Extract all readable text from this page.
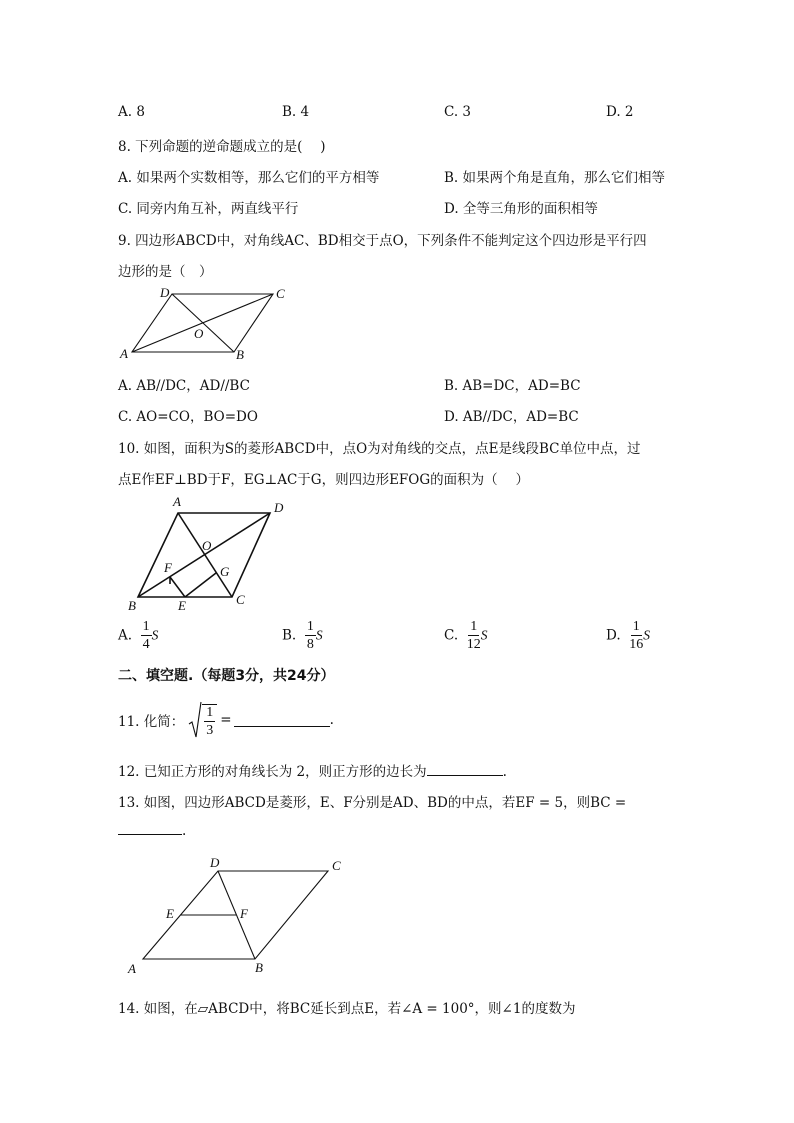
A. 8	B. 4	C. 3	D. 2
8. 下列命题的逆命题成立的是(　 )
A. 如果两个实数相等，那么它们的平方相等	B. 如果两个角是直角，那么它们相等
C. 同旁内角互补，两直线平行	D. 全等三角形的面积相等
9. 四边形ABCD中，对角线AC、BD相交于点O，下列条件不能判定这个四边形是平行四
边形的是（　）
D	C
O
A	B
A. AB//DC，AD//BC	B. AB=DC，AD=BC
C. AO=CO，BO=DO	D. AB//DC，AD=BC
10. 如图，面积为S的菱形ABCD中，点O为对角线的交点，点E是线段BC单位中点，过
点E作EF⊥BD于F，EG⊥AC于G，则四边形EFOG的面积为（　 ）
A	D
O
F	G
B	E	C
A. $\frac{1}{4}$ S	B. $\frac{1}{8}$ S	C. $\frac{1}{12}$ S	D. $\frac{1}{16}$ S
二、填空题.（每题3分，共24分）
11. 化简： $\frac{1}{3}$ =	.
12. 已知正方形的对角线长为 2，则正方形的边长为	.
13. 如图，四边形ABCD是菱形，E、F分别是AD、BD的中点，若EF = 5，则BC =
.
D	C
E	F
A	B
14. 如图，在▱ABCD中，将BC延长到点E，若∠A = 100°，则∠1的度数为
